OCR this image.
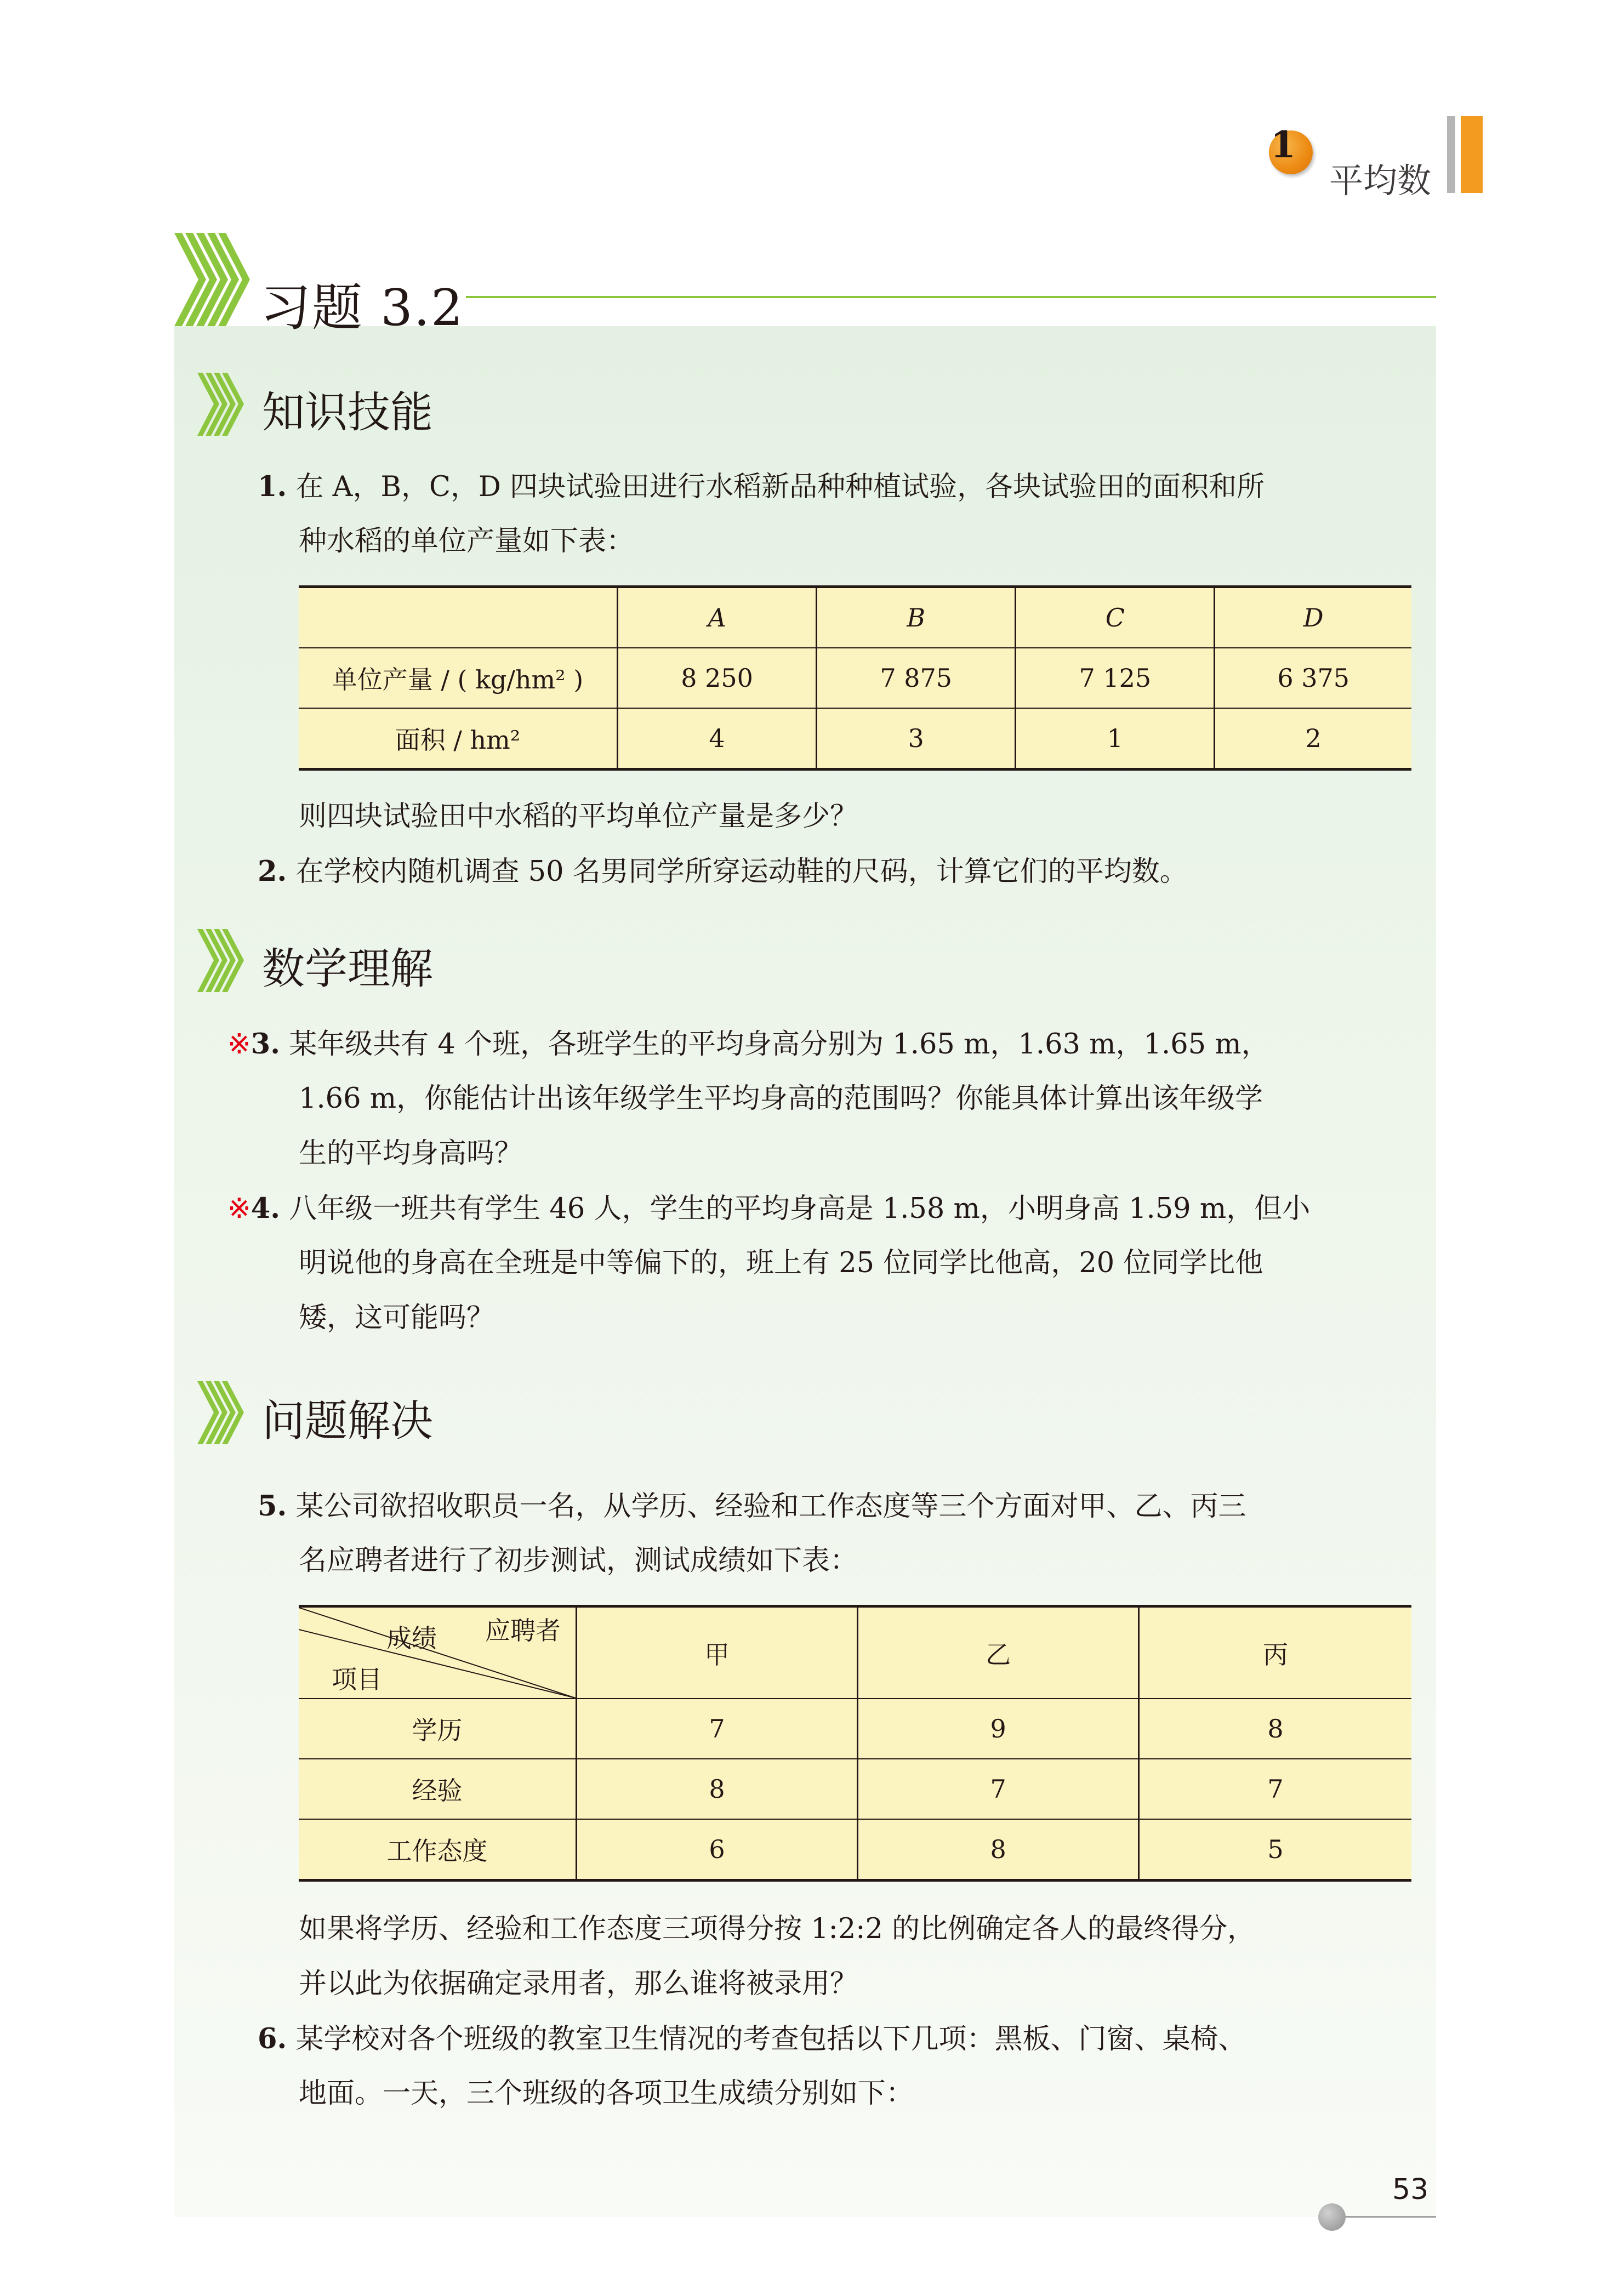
1
平均数
习题 3.2
知识技能
1. 在 A，B，C，D 四块试验田进行水稻新品种种植试验，各块试验田的面积和所
种水稻的单位产量如下表：
	A	B	C	D
单位产量 / ( kg/hm² )	8 250	7 875	7 125	6 375
面积 / hm²	4	3	1	2
则四块试验田中水稻的平均单位产量是多少？
2. 在学校内随机调查 50 名男同学所穿运动鞋的尺码，计算它们的平均数。
数学理解
※3. 某年级共有 4 个班，各班学生的平均身高分别为 1.65 m，1.63 m，1.65 m，
1.66 m，你能估计出该年级学生平均身高的范围吗？你能具体计算出该年级学
生的平均身高吗？
※4. 八年级一班共有学生 46 人，学生的平均身高是 1.58 m，小明身高 1.59 m，但小
明说他的身高在全班是中等偏下的，班上有 25 位同学比他高，20 位同学比他
矮，这可能吗？
问题解决
5. 某公司欲招收职员一名，从学历、经验和工作态度等三个方面对甲、乙、丙三
名应聘者进行了初步测试，测试成绩如下表：
应聘者
成绩
项目	甲	乙	丙
学历	7	9	8
经验	8	7	7
工作态度	6	8	5
如果将学历、经验和工作态度三项得分按 1:2:2 的比例确定各人的最终得分，
并以此为依据确定录用者，那么谁将被录用？
6. 某学校对各个班级的教室卫生情况的考查包括以下几项：黑板、门窗、桌椅、
地面。一天，三个班级的各项卫生成绩分别如下：
53
